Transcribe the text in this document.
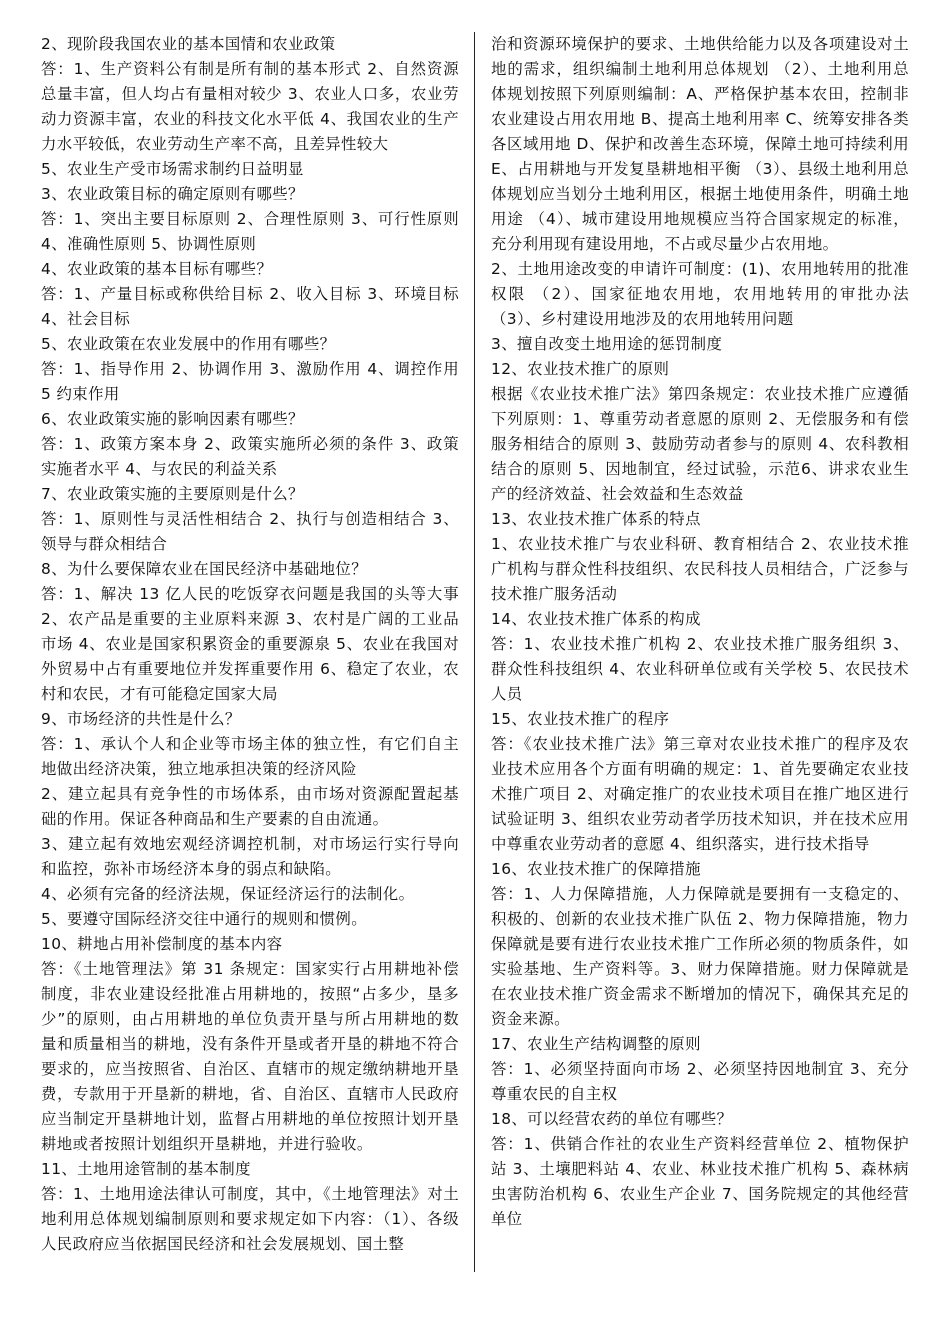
2、现阶段我国农业的基本国情和农业政策

答：1、生产资料公有制是所有制的基本形式 2、自然资源总量丰富，但人均占有量相对较少 3、农业人口多，农业劳动力资源丰富，农业的科技文化水平低 4、我国农业的生产力水平较低，农业劳动生产率不高，且差异性较大

5、农业生产受市场需求制约日益明显

3、农业政策目标的确定原则有哪些？

答：1、突出主要目标原则 2、合理性原则 3、可行性原则 4、准确性原则 5、协调性原则

4、农业政策的基本目标有哪些？

答：1、产量目标或称供给目标 2、收入目标 3、环境目标 4、社会目标

5、农业政策在农业发展中的作用有哪些？

答：1、指导作用 2、协调作用 3、激励作用 4、调控作用 5 约束作用

6、农业政策实施的影响因素有哪些？

答：1、政策方案本身 2、政策实施所必须的条件 3、政策实施者水平 4、与农民的利益关系

7、农业政策实施的主要原则是什么？

答：1、原则性与灵活性相结合 2、执行与创造相结合 3、领导与群众相结合

8、为什么要保障农业在国民经济中基础地位？

答：1、解决 13 亿人民的吃饭穿衣问题是我国的头等大事 2、农产品是重要的主业原料来源 3、农村是广阔的工业品市场 4、农业是国家积累资金的重要源泉 5、农业在我国对外贸易中占有重要地位并发挥重要作用 6、稳定了农业，农村和农民，才有可能稳定国家大局

9、市场经济的共性是什么？

答：1、承认个人和企业等市场主体的独立性，有它们自主地做出经济决策，独立地承担决策的经济风险

2、建立起具有竞争性的市场体系，由市场对资源配置起基础的作用。保证各种商品和生产要素的自由流通。

3、建立起有效地宏观经济调控机制，对市场运行实行导向和监控，弥补市场经济本身的弱点和缺陷。

4、必须有完备的经济法规，保证经济运行的法制化。

5、要遵守国际经济交往中通行的规则和惯例。

10、耕地占用补偿制度的基本内容

答：《土地管理法》第 31 条规定：国家实行占用耕地补偿制度，非农业建设经批准占用耕地的，按照“占多少，垦多少”的原则，由占用耕地的单位负责开垦与所占用耕地的数量和质量相当的耕地，没有条件开垦或者开垦的耕地不符合要求的，应当按照省、自治区、直辖市的规定缴纳耕地开垦费，专款用于开垦新的耕地，省、自治区、直辖市人民政府应当制定开垦耕地计划，监督占用耕地的单位按照计划开垦耕地或者按照计划组织开垦耕地，并进行验收。

11、土地用途管制的基本制度

答：1、土地用途法律认可制度，其中，《土地管理法》对土地利用总体规划编制原则和要求规定如下内容：（1）、各级人民政府应当依据国民经济和社会发展规划、国土整

治和资源环境保护的要求、土地供给能力以及各项建设对土地的需求，组织编制土地利用总体规划 （2）、土地利用总体规划按照下列原则编制：A、严格保护基本农田，控制非农业建设占用农用地 B、提高土地利用率 C、统筹安排各类各区域用地 D、保护和改善生态环境，保障土地可持续利用 E、占用耕地与开发复垦耕地相平衡 （3）、县级土地利用总体规划应当划分土地利用区，根据土地使用条件，明确土地用途 （4）、城市建设用地规模应当符合国家规定的标准，充分利用现有建设用地，不占或尽量少占农用地。

2、土地用途改变的申请许可制度：(1)、农用地转用的批准权限 （2）、国家征地农用地，农用地转用的审批办法 （3）、乡村建设用地涉及的农用地转用问题

3、擅自改变土地用途的惩罚制度

12、农业技术推广的原则

根据《农业技术推广法》第四条规定：农业技术推广应遵循下列原则：1、尊重劳动者意愿的原则 2、无偿服务和有偿服务相结合的原则 3、鼓励劳动者参与的原则 4、农科教相结合的原则 5、因地制宜，经过试验，示范6、讲求农业生产的经济效益、社会效益和生态效益

13、农业技术推广体系的特点

1、农业技术推广与农业科研、教育相结合 2、农业技术推广机构与群众性科技组织、农民科技人员相结合，广泛参与技术推广服务活动

14、农业技术推广体系的构成

答：1、农业技术推广机构 2、农业技术推广服务组织 3、群众性科技组织 4、农业科研单位或有关学校 5、农民技术人员

15、农业技术推广的程序

答：《农业技术推广法》第三章对农业技术推广的程序及农业技术应用各个方面有明确的规定：1、首先要确定农业技术推广项目 2、对确定推广的农业技术项目在推广地区进行试验证明 3、组织农业劳动者学历技术知识，并在技术应用中尊重农业劳动者的意愿 4、组织落实，进行技术指导

16、农业技术推广的保障措施

答：1、人力保障措施，人力保障就是要拥有一支稳定的、积极的、创新的农业技术推广队伍 2、物力保障措施，物力保障就是要有进行农业技术推广工作所必须的物质条件，如实验基地、生产资料等。3、财力保障措施。财力保障就是在农业技术推广资金需求不断增加的情况下，确保其充足的资金来源。

17、农业生产结构调整的原则

答：1、必须坚持面向市场 2、必须坚持因地制宜 3、充分尊重农民的自主权

18、可以经营农药的单位有哪些？

答：1、供销合作社的农业生产资料经营单位 2、植物保护站 3、土壤肥料站 4、农业、林业技术推广机构 5、森林病虫害防治机构 6、农业生产企业 7、国务院规定的其他经营单位
